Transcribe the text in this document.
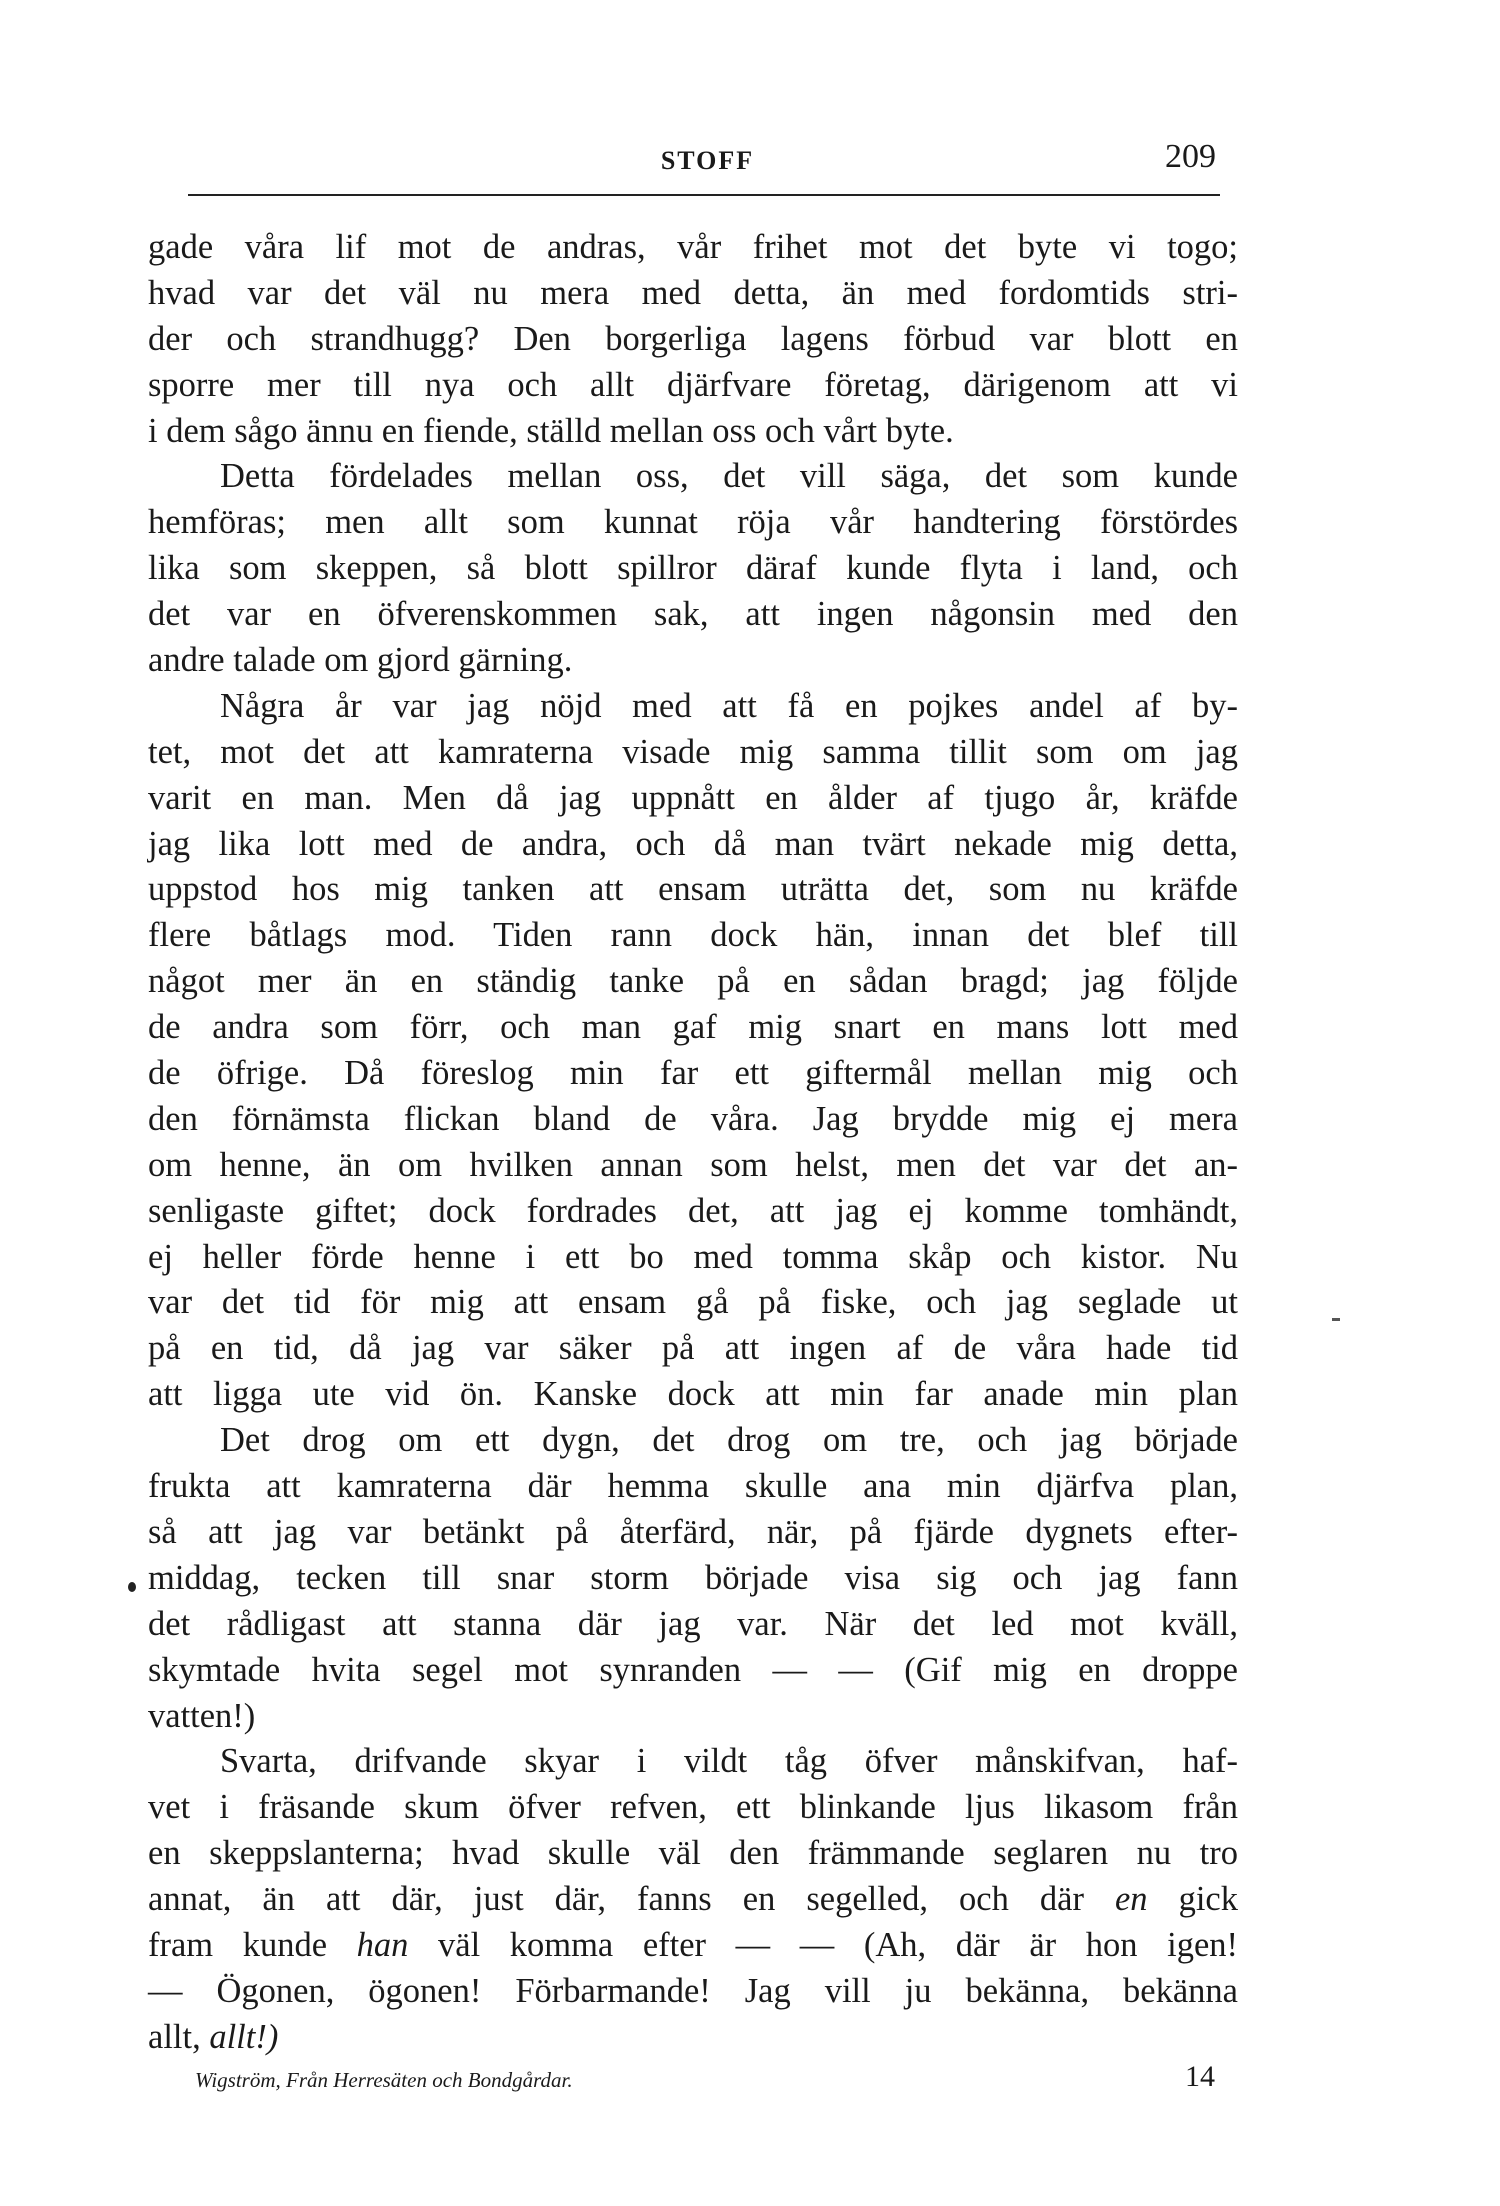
STOFF	209
gade våra lif mot de andras, vår frihet mot det byte vi togo;
hvad var det väl nu mera med detta, än med fordomtids stri-
der och strandhugg? Den borgerliga lagens förbud var blott en
sporre mer till nya och allt djärfvare företag, därigenom att vi
i dem sågo ännu en fiende, ställd mellan oss och vårt byte.
Detta fördelades mellan oss, det vill säga, det som kunde
hemföras; men allt som kunnat röja vår handtering förstördes
lika som skeppen, så blott spillror däraf kunde flyta i land, och
det var en öfverenskommen sak, att ingen någonsin med den
andre talade om gjord gärning.
Några år var jag nöjd med att få en pojkes andel af by-
tet, mot det att kamraterna visade mig samma tillit som om jag
varit en man. Men då jag uppnått en ålder af tjugo år, kräfde
jag lika lott med de andra, och då man tvärt nekade mig detta,
uppstod hos mig tanken att ensam uträtta det, som nu kräfde
flere båtlags mod. Tiden rann dock hän, innan det blef till
något mer än en ständig tanke på en sådan bragd; jag följde
de andra som förr, och man gaf mig snart en mans lott med
de öfrige. Då föreslog min far ett giftermål mellan mig och
den förnämsta flickan bland de våra. Jag brydde mig ej mera
om henne, än om hvilken annan som helst, men det var det an-
senligaste giftet; dock fordrades det, att jag ej komme tomhändt,
ej heller förde henne i ett bo med tomma skåp och kistor. Nu
var det tid för mig att ensam gå på fiske, och jag seglade ut
på en tid, då jag var säker på att ingen af de våra hade tid
att ligga ute vid ön. Kanske dock att min far anade min plan
Det drog om ett dygn, det drog om tre, och jag började
frukta att kamraterna där hemma skulle ana min djärfva plan,
så att jag var betänkt på återfärd, när, på fjärde dygnets efter-
middag, tecken till snar storm började visa sig och jag fann
det rådligast att stanna där jag var. När det led mot kväll,
skymtade hvita segel mot synranden — — (Gif mig en droppe
vatten!)
Svarta, drifvande skyar i vildt tåg öfver månskifvan, haf-
vet i fräsande skum öfver refven, ett blinkande ljus likasom från
en skeppslanterna; hvad skulle väl den främmande seglaren nu tro
annat, än att där, just där, fanns en segelled, och där en gick
fram kunde han väl komma efter — — (Ah, där är hon igen!
— Ögonen, ögonen! Förbarmande! Jag vill ju bekänna, bekänna
allt, allt!)
Wigström, Från Herresäten och Bondgårdar.	14
